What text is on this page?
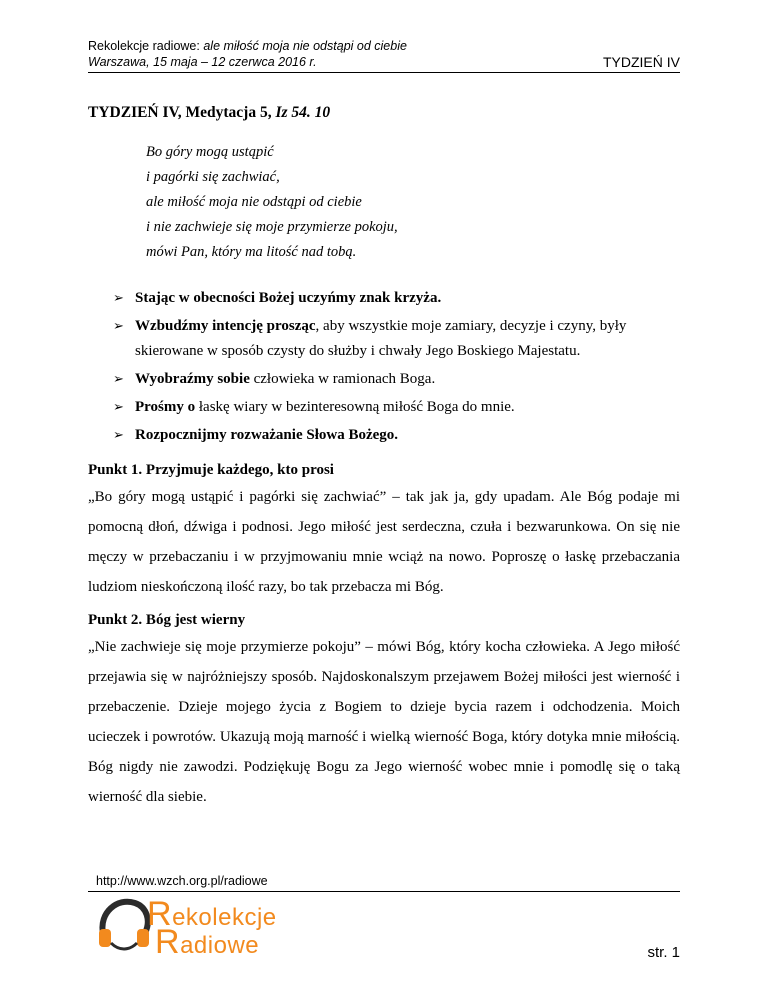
Rekolekcje radiowe: ale miłość moja nie odstąpi od ciebie
Warszawa, 15 maja – 12 czerwca 2016 r.	TYDZIEŃ IV
TYDZIEŃ IV, Medytacja 5, Iz 54. 10
Bo góry mogą ustąpić
i pagórki się zachwiać,
ale miłość moja nie odstąpi od ciebie
i nie zachwieje się moje przymierze pokoju,
mówi Pan, który ma litość nad tobą.
➢ Stając w obecności Bożej uczyńmy znak krzyża.
➢ Wzbudźmy intencję prosząc, aby wszystkie moje zamiary, decyzje i czyny, były skierowane w sposób czysty do służby i chwały Jego Boskiego Majestatu.
➢ Wyobraźmy sobie człowieka w ramionach Boga.
➢ Prośmy o łaskę wiary w bezinteresowną miłość Boga do mnie.
➢ Rozpocznijmy rozważanie Słowa Bożego.
Punkt 1. Przyjmuje każdego, kto prosi

„Bo góry mogą ustąpić i pagórki się zachwiać” – tak jak ja, gdy upadam. Ale Bóg podaje mi pomocną dłoń, dźwiga i podnosi. Jego miłość jest serdeczna, czuła i bezwarunkowa. On się nie męczy w przebaczaniu i w przyjmowaniu mnie wciąż na nowo. Poproszę o łaskę przebaczania ludziom nieskończoną ilość razy, bo tak przebacza mi Bóg.

Punkt 2. Bóg jest wierny

„Nie zachwieje się moje przymierze pokoju” – mówi Bóg, który kocha człowieka. A Jego miłość przejawia się w najróżniejszy sposób. Najdoskonalszym przejawem Bożej miłości jest wierność i przebaczenie. Dzieje mojego życia z Bogiem to dzieje bycia razem i odchodzenia. Moich ucieczek i powrotów. Ukazują moją marność i wielką wierność Boga, który dotyka mnie miłością. Bóg nigdy nie zawodzi. Podziękuję Bogu za Jego wierność wobec mnie i pomodlę się o taką wierność dla siebie.

http://www.wzch.org.pl/radiowe
Rekolekcje
Radiowe	str. 1
